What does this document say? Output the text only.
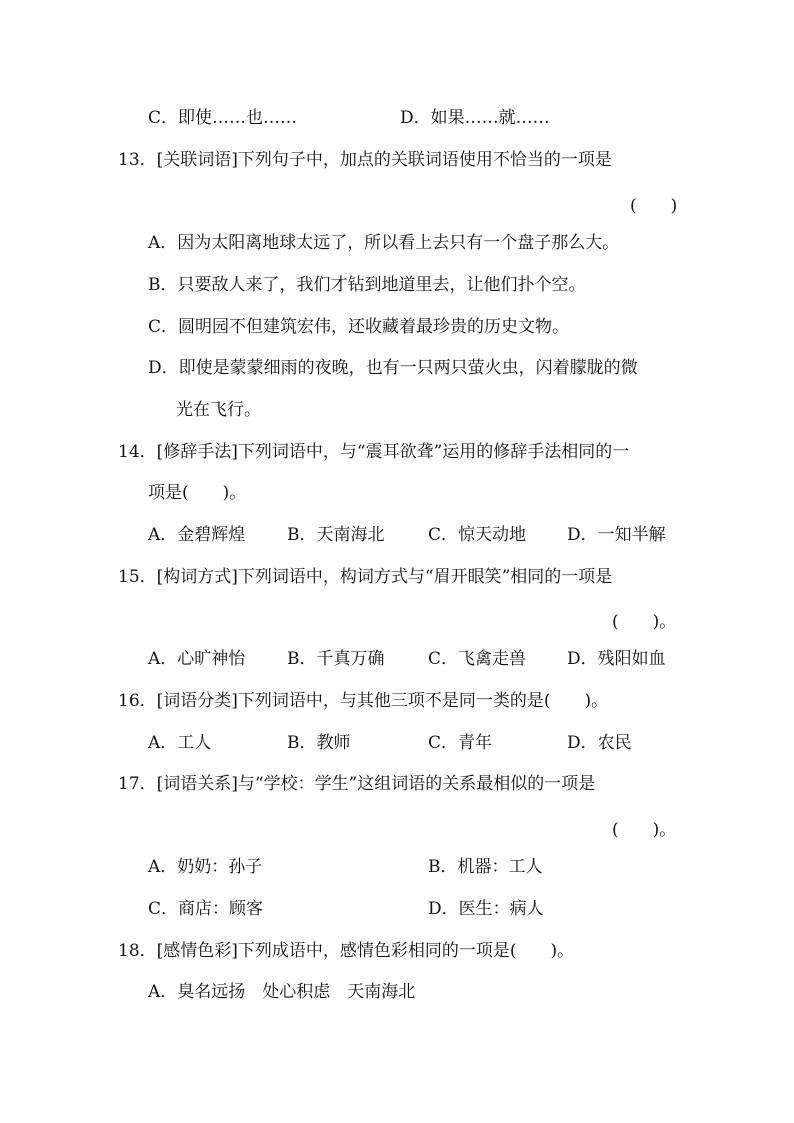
C．即使……也……	D．如果……就……
13．[关联词语]下列句子中，加点的关联词语使用不恰当的一项是
(　　)
A．因为太阳离地球太远了，所以看上去只有一个盘子那么大。
B．只要敌人来了，我们才钻到地道里去，让他们扑个空。
C．圆明园不但建筑宏伟，还收藏着最珍贵的历史文物。
D．即使是蒙蒙细雨的夜晚，也有一只两只萤火虫，闪着朦胧的微
光在飞行。
14．[修辞手法]下列词语中，与“震耳欲聋”运用的修辞手法相同的一
项是(　　)。
A．金碧辉煌 B．天南海北	C．惊天动地 D．一知半解
15．[构词方式]下列词语中，构词方式与“眉开眼笑”相同的一项是
(　　)。
A．心旷神怡 B．千真万确	C．飞禽走兽 D．残阳如血
16．[词语分类]下列词语中，与其他三项不是同一类的是(　　)。
A．工人	B．教师	C．青年	D．农民
17．[词语关系]与“学校：学生”这组词语的关系最相似的一项是
(　　)。
A．奶奶：孙子	B．机器：工人
C．商店：顾客	D．医生：病人
18．[感情色彩]下列成语中，感情色彩相同的一项是(　　)。
A．臭名远扬　处心积虑　天南海北
